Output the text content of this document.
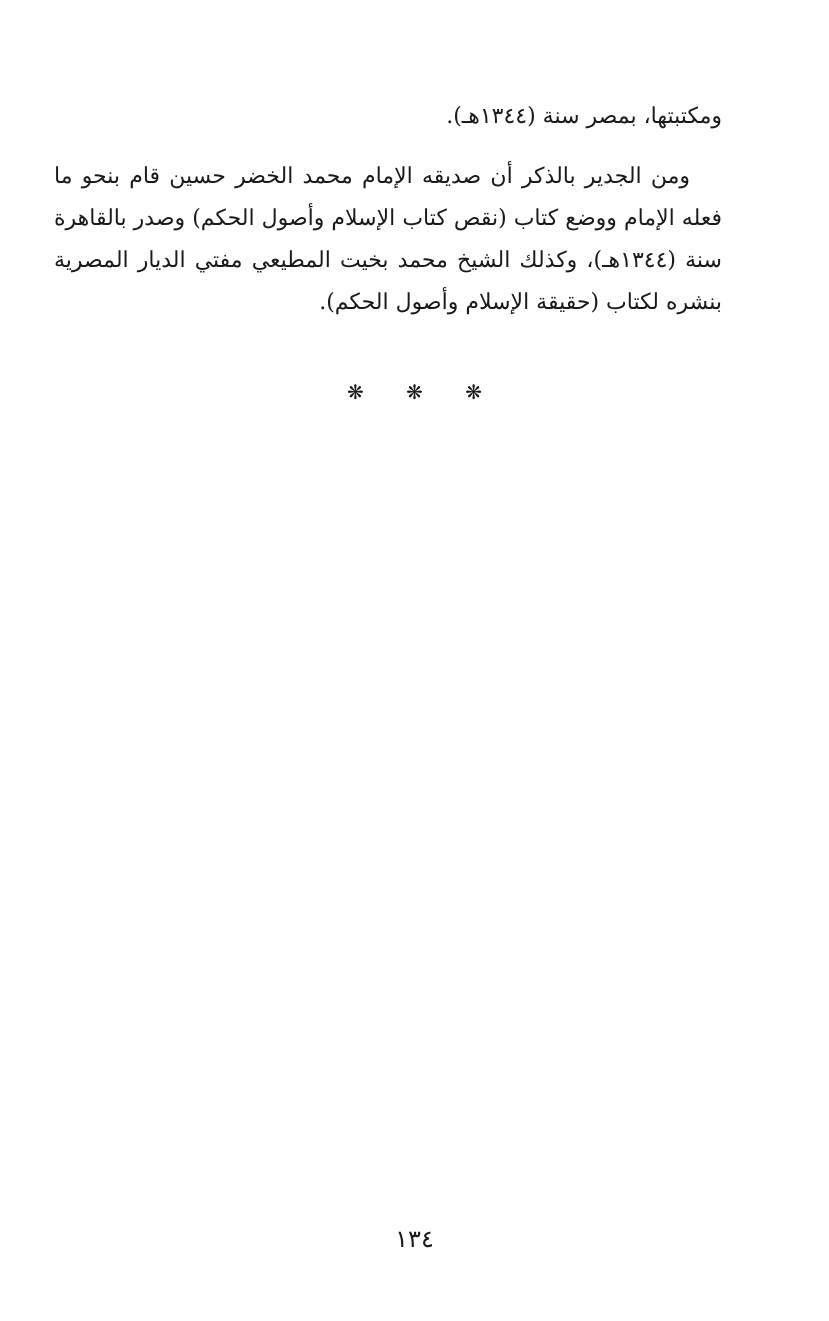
ومكتبتها، بمصر سنة (١٣٤٤هـ).

ومن الجدير بالذكر أن صديقه الإمام محمد الخضر حسين قام بنحو ما فعله الإمام ووضع كتاب (نقص كتاب الإسلام وأصول الحكم) وصدر بالقاهرة سنة (١٣٤٤هـ)، وكذلك الشيخ محمد بخيت المطيعي مفتي الديار المصرية بنشره لكتاب (حقيقة الإسلام وأصول الحكم).

❋ ❋ ❋
١٣٤
